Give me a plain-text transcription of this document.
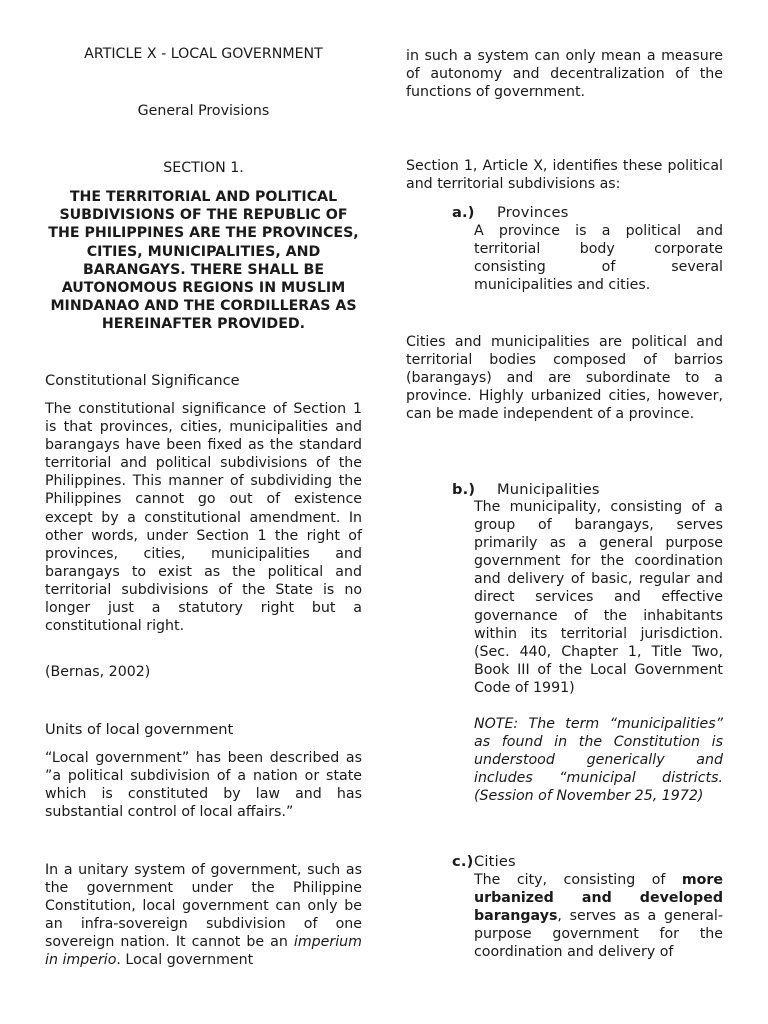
ARTICLE X - LOCAL GOVERNMENT
General Provisions
SECTION 1.
THE TERRITORIAL AND POLITICAL SUBDIVISIONS OF THE REPUBLIC OF THE PHILIPPINES ARE THE PROVINCES, CITIES, MUNICIPALITIES, AND BARANGAYS. THERE SHALL BE AUTONOMOUS REGIONS IN MUSLIM MINDANAO AND THE CORDILLERAS AS HEREINAFTER PROVIDED.
Constitutional Significance

The constitutional significance of Section 1 is that provinces, cities, municipalities and barangays have been fixed as the standard territorial and political subdivisions of the Philippines. This manner of subdividing the Philippines cannot go out of existence except by a constitutional amendment. In other words, under Section 1 the right of provinces, cities, municipalities and barangays to exist as the political and territorial subdivisions of the State is no longer just a statutory right but a constitutional right.

(Bernas, 2002)
Units of local government

“Local government” has been described as ”a political subdivision of a nation or state which is constituted by law and has substantial control of local affairs.”

In a unitary system of government, such as the government under the Philippine Constitution, local government can only be an infra-sovereign subdivision of one sovereign nation. It cannot be an imperium in imperio. Local government

in such a system can only mean a measure of autonomy and decentralization of the functions of government.

Section 1, Article X, identifies these political and territorial subdivisions as:

a.) Provinces

A province is a political and territorial body corporate consisting of several municipalities and cities.

Cities and municipalities are political and territorial bodies composed of barrios (barangays) and are subordinate to a province. Highly urbanized cities, however, can be made independent of a province.

b.) Municipalities

The municipality, consisting of a group of barangays, serves primarily as a general purpose government for the coordination and delivery of basic, regular and direct services and effective governance of the inhabitants within its territorial jurisdiction. (Sec. 440, Chapter 1, Title Two, Book III of the Local Government Code of 1991)

NOTE: The term “municipalities” as found in the Constitution is understood generically and includes “municipal districts. (Session of November 25, 1972)

c.) Cities

The city, consisting of more urbanized and developed barangays, serves as a general-purpose government for the coordination and delivery of
